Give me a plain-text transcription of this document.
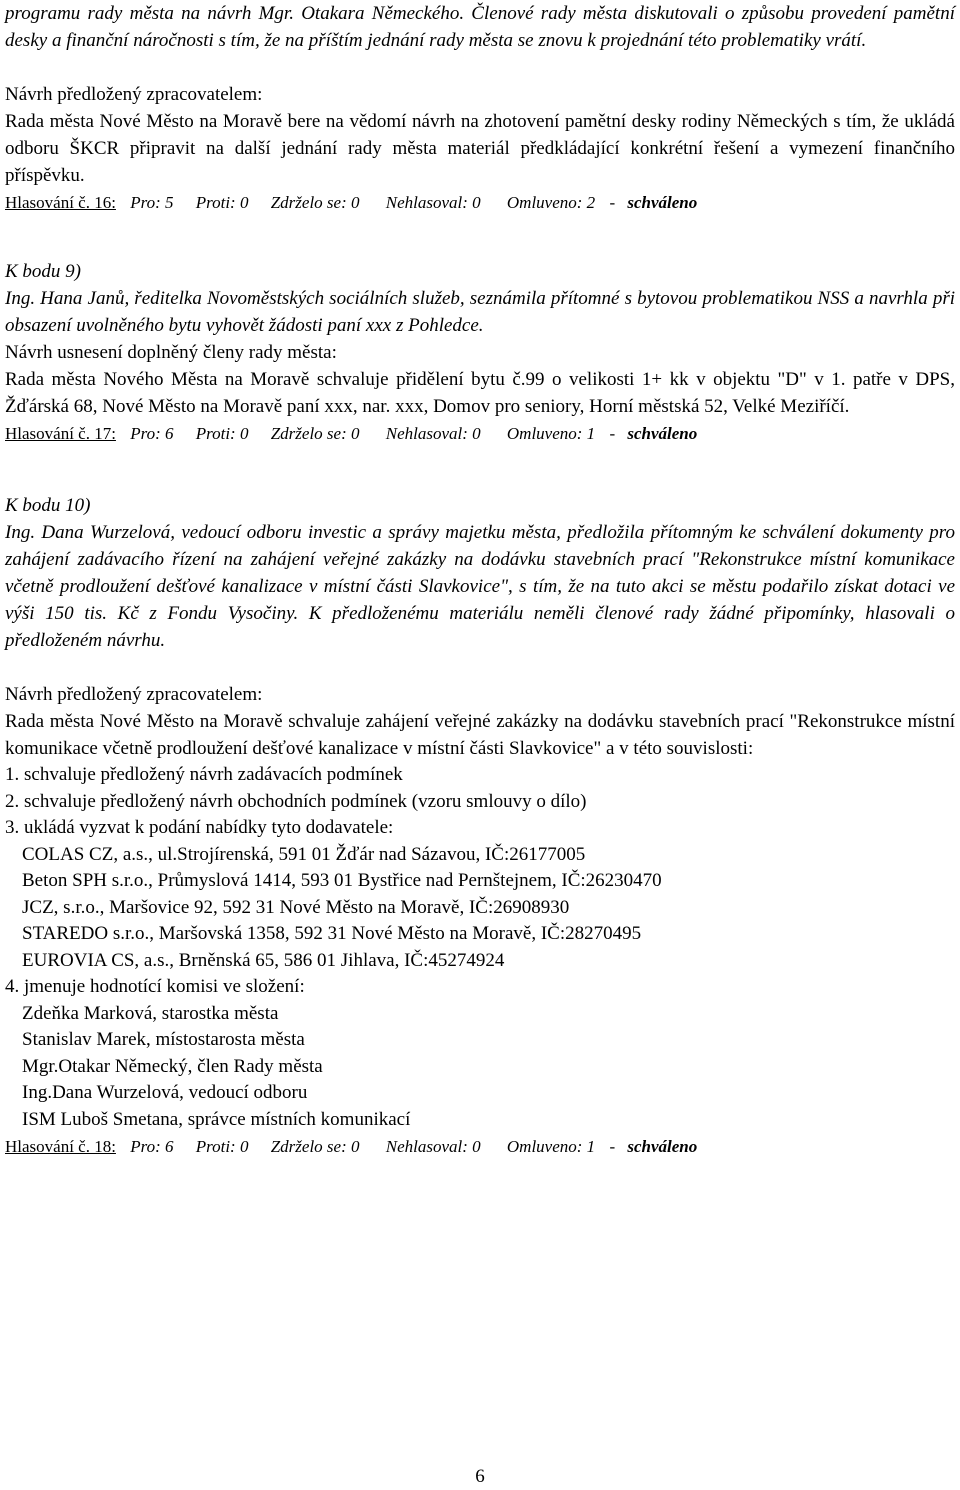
programu rady města na návrh Mgr. Otakara Německého. Členové rady města diskutovali o způsobu provedení pamětní desky a finanční náročnosti s tím, že na příštím jednání rady města se znovu k projednání této problematiky vrátí.

Návrh předložený zpracovatelem:

Rada města Nové Město na Moravě bere na vědomí návrh na zhotovení pamětní desky rodiny Německých s tím, že ukládá odboru ŠKCR připravit na další jednání rady města materiál předkládající konkrétní řešení a vymezení finančního příspěvku.

Hlasování č. 16: Pro: 5 Proti: 0 Zdrželo se: 0 Nehlasoval: 0 Omluveno: 2 - schváleno

K bodu 9)

Ing. Hana Janů, ředitelka Novoměstských sociálních služeb, seznámila přítomné s bytovou problematikou NSS a navrhla při obsazení uvolněného bytu vyhovět žádosti paní xxx z Pohledce.

Návrh usnesení doplněný členy rady města:

Rada města Nového Města na Moravě schvaluje přidělení bytu č.99 o velikosti 1+ kk v objektu "D" v 1. patře v DPS, Žďárská 68, Nové Město na Moravě paní xxx, nar. xxx, Domov pro seniory, Horní městská 52, Velké Meziříčí.

Hlasování č. 17: Pro: 6 Proti: 0 Zdrželo se: 0 Nehlasoval: 0 Omluveno: 1 - schváleno

K bodu 10)

Ing. Dana Wurzelová, vedoucí odboru investic a správy majetku města, předložila přítomným ke schválení dokumenty pro zahájení zadávacího řízení na zahájení veřejné zakázky na dodávku stavebních prací "Rekonstrukce místní komunikace včetně prodloužení dešťové kanalizace v místní části Slavkovice", s tím, že na tuto akci se městu podařilo získat dotaci ve výši 150 tis. Kč z Fondu Vysočiny. K předloženému materiálu neměli členové rady žádné připomínky, hlasovali o předloženém návrhu.

Návrh předložený zpracovatelem:

Rada města Nové Město na Moravě schvaluje zahájení veřejné zakázky na dodávku stavebních prací "Rekonstrukce místní komunikace včetně prodloužení dešťové kanalizace v místní části Slavkovice" a v této souvislosti:

1. schvaluje předložený návrh zadávacích podmínek
2. schvaluje předložený návrh obchodních podmínek (vzoru smlouvy o dílo)
3. ukládá vyzvat k podání nabídky tyto dodavatele:
COLAS CZ, a.s., ul.Strojírenská, 591 01 Žďár nad Sázavou, IČ:26177005
Beton SPH s.r.o., Průmyslová 1414, 593 01 Bystřice nad Pernštejnem, IČ:26230470
JCZ, s.r.o., Maršovice 92, 592 31 Nové Město na Moravě, IČ:26908930
STAREDO s.r.o., Maršovská 1358, 592 31 Nové Město na Moravě, IČ:28270495
EUROVIA CS, a.s., Brněnská 65, 586 01 Jihlava, IČ:45274924
4. jmenuje hodnotící komisi ve složení:
Zdeňka Marková, starostka města
Stanislav Marek, místostarosta města
Mgr.Otakar Německý, člen Rady města
Ing.Dana Wurzelová, vedoucí odboru
ISM Luboš Smetana, správce místních komunikací

Hlasování č. 18: Pro: 6 Proti: 0 Zdrželo se: 0 Nehlasoval: 0 Omluveno: 1 - schváleno

6
